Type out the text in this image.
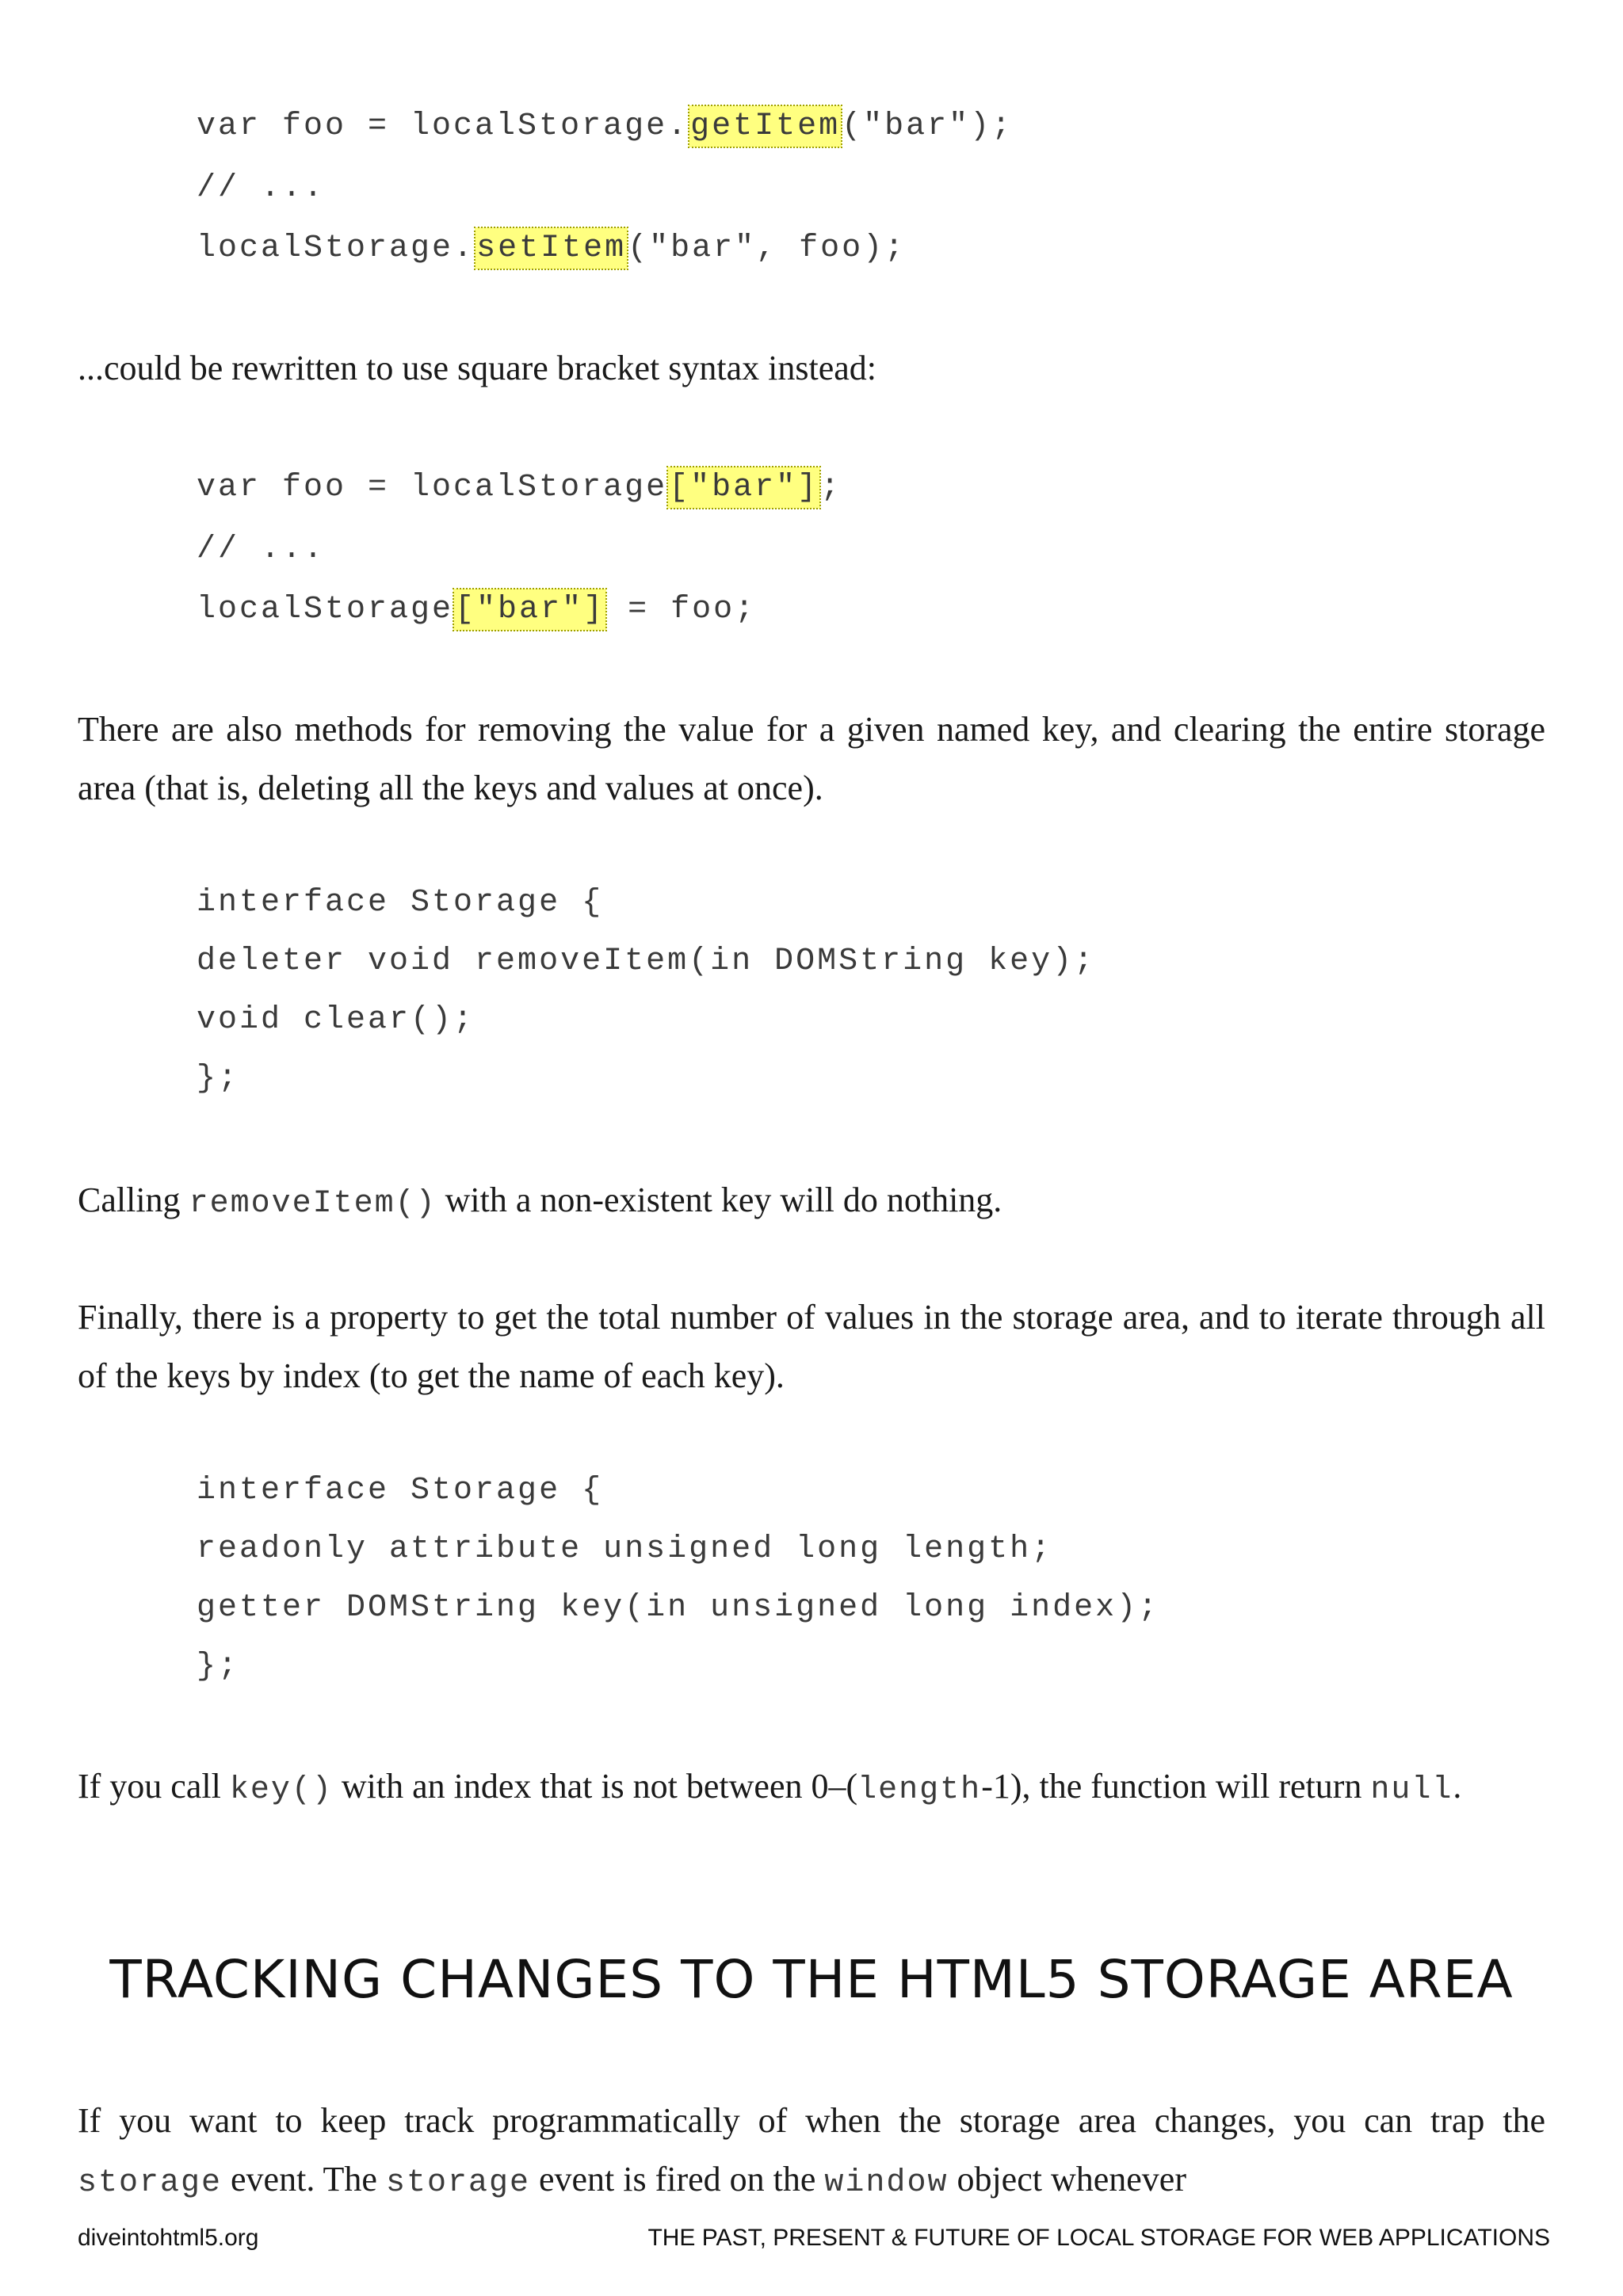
var foo = localStorage.getItem("bar");
// ...
localStorage.setItem("bar", foo);
...could be rewritten to use square bracket syntax instead:
var foo = localStorage["bar"];
// ...
localStorage["bar"] = foo;
There are also methods for removing the value for a given named key, and clearing the entire storage area (that is, deleting all the keys and values at once).
interface Storage {
deleter void removeItem(in DOMString key);
void clear();
};
Calling removeItem() with a non-existent key will do nothing.
Finally, there is a property to get the total number of values in the storage area, and to iterate through all of the keys by index (to get the name of each key).
interface Storage {
readonly attribute unsigned long length;
getter DOMString key(in unsigned long index);
};
If you call key() with an index that is not between 0–(length-1), the function will return null.
TRACKING CHANGES TO THE HTML5 STORAGE AREA
If you want to keep track programmatically of when the storage area changes, you can trap the storage event. The storage event is fired on the window object whenever
diveintohtml5.org	THE PAST, PRESENT & FUTURE OF LOCAL STORAGE FOR WEB APPLICATIONS
